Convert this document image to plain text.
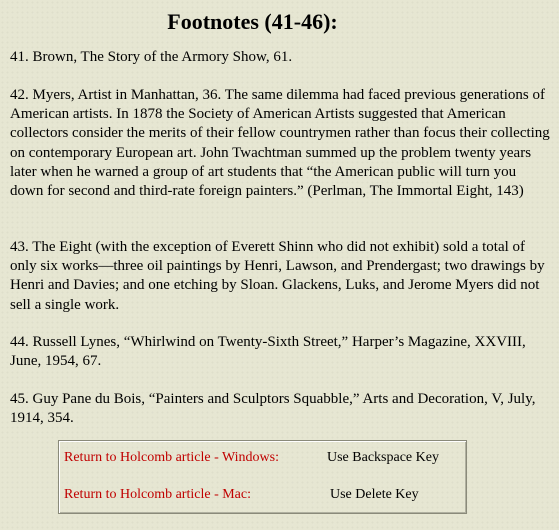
Footnotes (41-46):

41. Brown, The Story of the Armory Show, 61.

42. Myers, Artist in Manhattan, 36. The same dilemma had faced previous generations of American artists. In 1878 the Society of American Artists suggested that American collectors consider the merits of their fellow countrymen rather than focus their collecting on contemporary European art. John Twachtman summed up the problem twenty years later when he warned a group of art students that “the American public will turn you down for second and third-rate foreign painters.” (Perlman, The Immortal Eight, 143)

43. The Eight (with the exception of Everett Shinn who did not exhibit) sold a total of only six works—three oil paintings by Henri, Lawson, and Prendergast; two drawings by Henri and Davies; and one etching by Sloan. Glackens, Luks, and Jerome Myers did not sell a single work.

44. Russell Lynes, “Whirlwind on Twenty-Sixth Street,” Harper’s Magazine, XXVIII, June, 1954, 67.

45. Guy Pane du Bois, “Painters and Sculptors Squabble,” Arts and Decoration, V, July, 1914, 354.

Return to Holcomb article - Windows:	Use Backspace Key
Return to Holcomb article - Mac:	Use Delete Key
